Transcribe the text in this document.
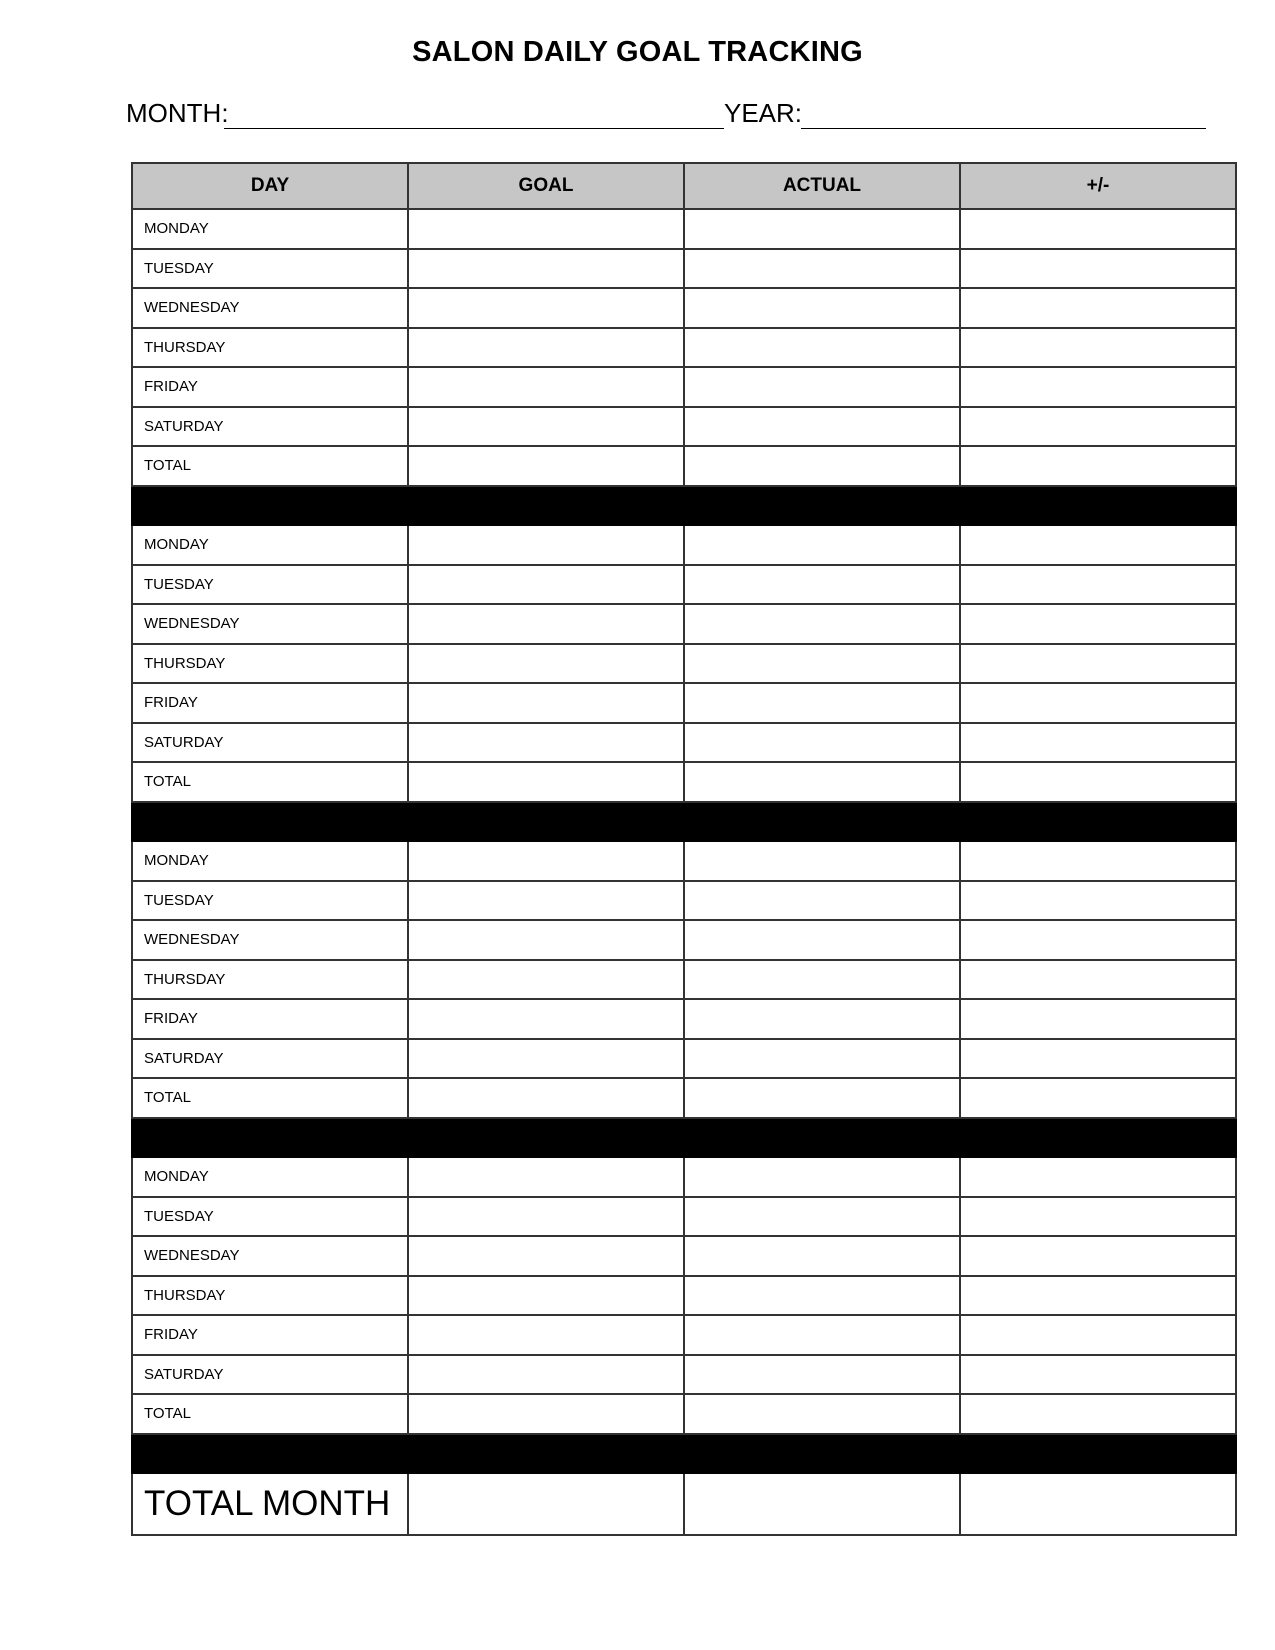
SALON DAILY GOAL TRACKING
MONTH:	YEAR:
DAY	GOAL	ACTUAL	+/-
MONDAY			
TUESDAY			
WEDNESDAY			
THURSDAY			
FRIDAY			
SATURDAY			
TOTAL			

MONDAY			
TUESDAY			
WEDNESDAY			
THURSDAY			
FRIDAY			
SATURDAY			
TOTAL			

MONDAY			
TUESDAY			
WEDNESDAY			
THURSDAY			
FRIDAY			
SATURDAY			
TOTAL			

MONDAY			
TUESDAY			
WEDNESDAY			
THURSDAY			
FRIDAY			
SATURDAY			
TOTAL			

TOTAL MONTH			
